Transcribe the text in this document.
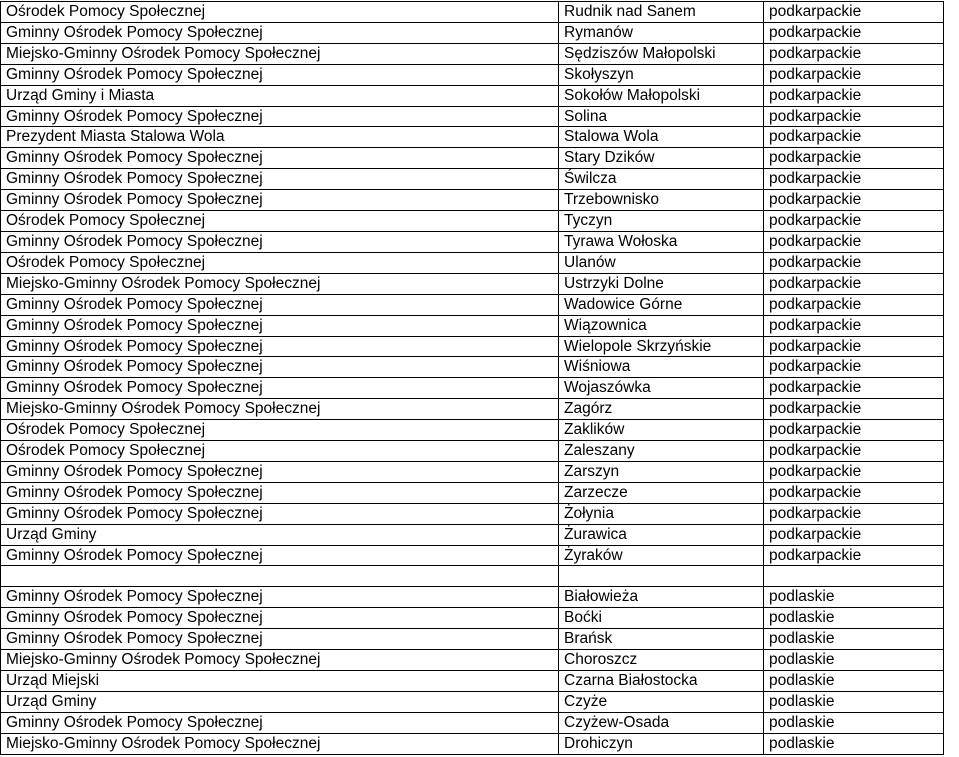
Ośrodek Pomocy Społecznej	Rudnik nad Sanem	podkarpackie
Gminny Ośrodek Pomocy Społecznej	Rymanów	podkarpackie
Miejsko-Gminny Ośrodek Pomocy Społecznej	Sędziszów Małopolski	podkarpackie
Gminny Ośrodek Pomocy Społecznej	Skołyszyn	podkarpackie
Urząd Gminy i Miasta	Sokołów Małopolski	podkarpackie
Gminny Ośrodek Pomocy Społecznej	Solina	podkarpackie
Prezydent Miasta Stalowa Wola	Stalowa Wola	podkarpackie
Gminny Ośrodek Pomocy Społecznej	Stary Dzików	podkarpackie
Gminny Ośrodek Pomocy Społecznej	Świlcza	podkarpackie
Gminny Ośrodek Pomocy Społecznej	Trzebownisko	podkarpackie
Ośrodek Pomocy Społecznej	Tyczyn	podkarpackie
Gminny Ośrodek Pomocy Społecznej	Tyrawa Wołoska	podkarpackie
Ośrodek Pomocy Społecznej	Ulanów	podkarpackie
Miejsko-Gminny Ośrodek Pomocy Społecznej	Ustrzyki Dolne	podkarpackie
Gminny Ośrodek Pomocy Społecznej	Wadowice Górne	podkarpackie
Gminny Ośrodek Pomocy Społecznej	Wiązownica	podkarpackie
Gminny Ośrodek Pomocy Społecznej	Wielopole Skrzyńskie	podkarpackie
Gminny Ośrodek Pomocy Społecznej	Wiśniowa	podkarpackie
Gminny Ośrodek Pomocy Społecznej	Wojaszówka	podkarpackie
Miejsko-Gminny Ośrodek Pomocy Społecznej	Zagórz	podkarpackie
Ośrodek Pomocy Społecznej	Zaklików	podkarpackie
Ośrodek Pomocy Społecznej	Zaleszany	podkarpackie
Gminny Ośrodek Pomocy Społecznej	Zarszyn	podkarpackie
Gminny Ośrodek Pomocy Społecznej	Zarzecze	podkarpackie
Gminny Ośrodek Pomocy Społecznej	Żołynia	podkarpackie
Urząd Gminy	Żurawica	podkarpackie
Gminny Ośrodek Pomocy Społecznej	Żyraków	podkarpackie

Gminny Ośrodek Pomocy Społecznej	Białowieża	podlaskie
Gminny Ośrodek Pomocy Społecznej	Boćki	podlaskie
Gminny Ośrodek Pomocy Społecznej	Brańsk	podlaskie
Miejsko-Gminny Ośrodek Pomocy Społecznej	Choroszcz	podlaskie
Urząd Miejski	Czarna Białostocka	podlaskie
Urząd Gminy	Czyże	podlaskie
Gminny Ośrodek Pomocy Społecznej	Czyżew-Osada	podlaskie
Miejsko-Gminny Ośrodek Pomocy Społecznej	Drohiczyn	podlaskie
